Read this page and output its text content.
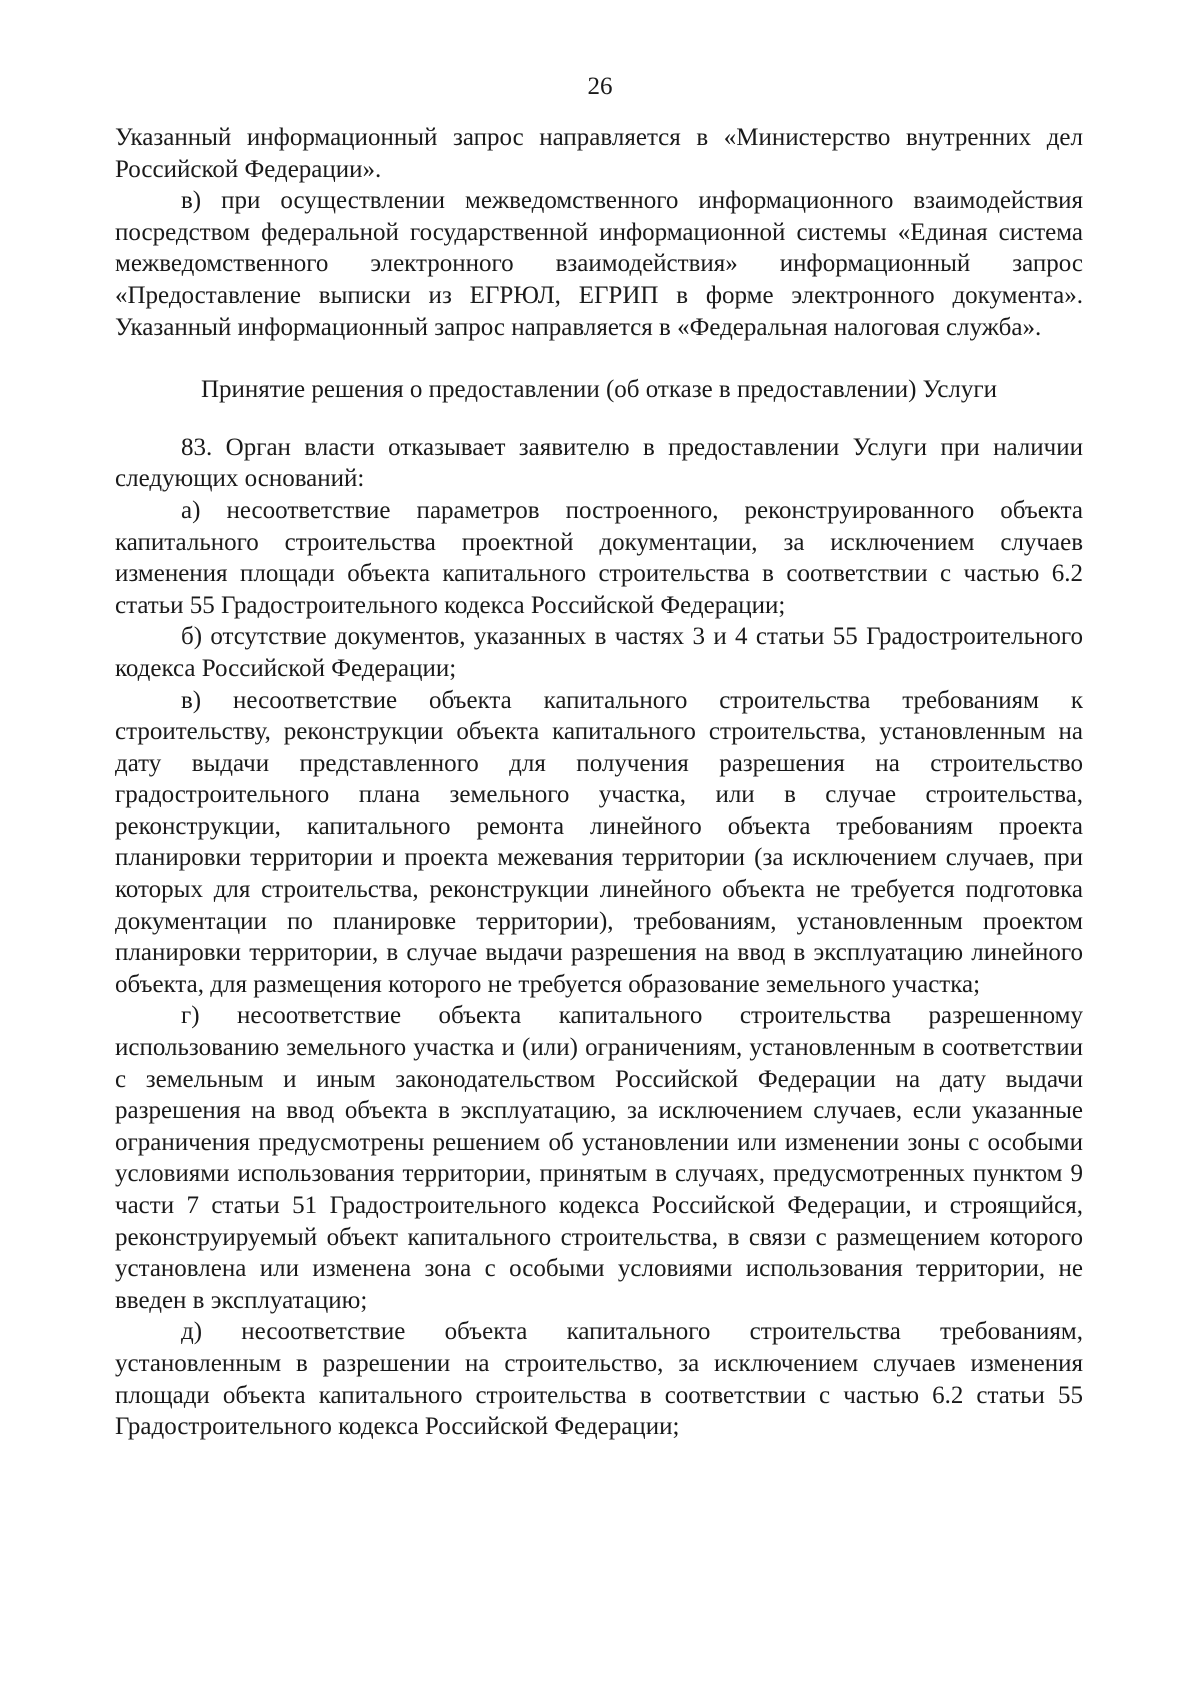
26

Указанный информационный запрос направляется в «Министерство внутренних дел Российской Федерации».

в) при осуществлении межведомственного информационного взаимодействия посредством федеральной государственной информационной системы «Единая система межведомственного электронного взаимодействия» информационный запрос «Предоставление выписки из ЕГРЮЛ, ЕГРИП в форме электронного документа». Указанный информационный запрос направляется в «Федеральная налоговая служба».

Принятие решения о предоставлении (об отказе в предоставлении) Услуги

83. Орган власти отказывает заявителю в предоставлении Услуги при наличии следующих оснований:

а) несоответствие параметров построенного, реконструированного объекта капитального строительства проектной документации, за исключением случаев изменения площади объекта капитального строительства в соответствии с частью 6.2 статьи 55 Градостроительного кодекса Российской Федерации;

б) отсутствие документов, указанных в частях 3 и 4 статьи 55 Градостроительного кодекса Российской Федерации;

в) несоответствие объекта капитального строительства требованиям к строительству, реконструкции объекта капитального строительства, установленным на дату выдачи представленного для получения разрешения на строительство градостроительного плана земельного участка, или в случае строительства, реконструкции, капитального ремонта линейного объекта требованиям проекта планировки территории и проекта межевания территории (за исключением случаев, при которых для строительства, реконструкции линейного объекта не требуется подготовка документации по планировке территории), требованиям, установленным проектом планировки территории, в случае выдачи разрешения на ввод в эксплуатацию линейного объекта, для размещения которого не требуется образование земельного участка;

г) несоответствие объекта капитального строительства разрешенному использованию земельного участка и (или) ограничениям, установленным в соответствии с земельным и иным законодательством Российской Федерации на дату выдачи разрешения на ввод объекта в эксплуатацию, за исключением случаев, если указанные ограничения предусмотрены решением об установлении или изменении зоны с особыми условиями использования территории, принятым в случаях, предусмотренных пунктом 9 части 7 статьи 51 Градостроительного кодекса Российской Федерации, и строящийся, реконструируемый объект капитального строительства, в связи с размещением которого установлена или изменена зона с особыми условиями использования территории, не введен в эксплуатацию;

д) несоответствие объекта капитального строительства требованиям, установленным в разрешении на строительство, за исключением случаев изменения площади объекта капитального строительства в соответствии с частью 6.2 статьи 55 Градостроительного кодекса Российской Федерации;
